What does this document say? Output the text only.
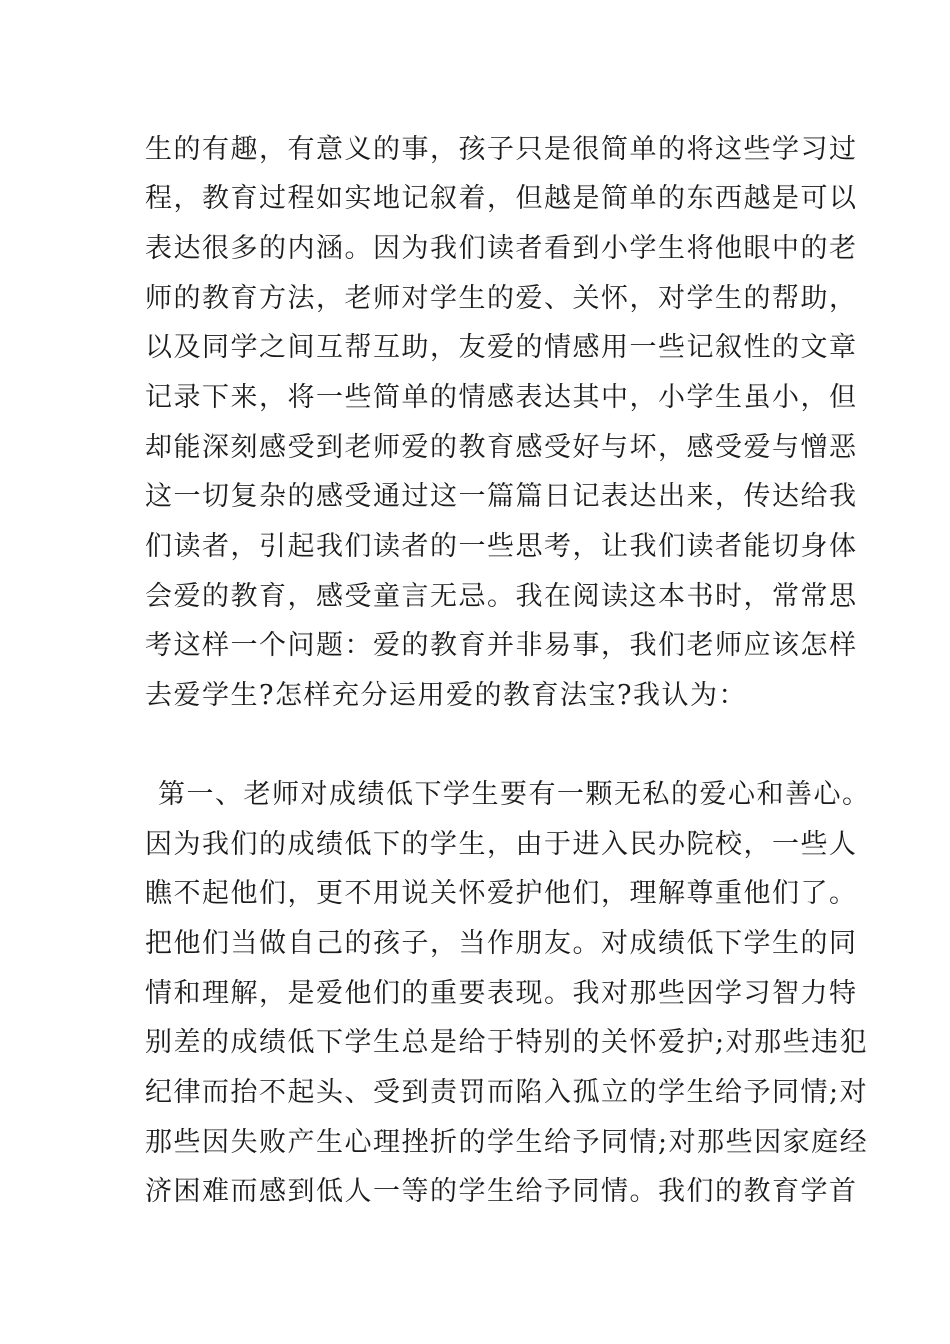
生的有趣，有意义的事，孩子只是很简单的将这些学习过

程，教育过程如实地记叙着，但越是简单的东西越是可以

表达很多的内涵。因为我们读者看到小学生将他眼中的老

师的教育方法，老师对学生的爱、关怀，对学生的帮助，

以及同学之间互帮互助，友爱的情感用一些记叙性的文章

记录下来，将一些简单的情感表达其中，小学生虽小，但

却能深刻感受到老师爱的教育感受好与坏，感受爱与憎恶

这一切复杂的感受通过这一篇篇日记表达出来，传达给我

们读者，引起我们读者的一些思考，让我们读者能切身体

会爱的教育，感受童言无忌。我在阅读这本书时，常常思

考这样一个问题：爱的教育并非易事，我们老师应该怎样

去爱学生?怎样充分运用爱的教育法宝?我认为：

第一、老师对成绩低下学生要有一颗无私的爱心和善心。

因为我们的成绩低下的学生，由于进入民办院校，一些人

瞧不起他们，更不用说关怀爱护他们，理解尊重他们了。

把他们当做自己的孩子，当作朋友。对成绩低下学生的同

情和理解，是爱他们的重要表现。我对那些因学习智力特

别差的成绩低下学生总是给于特别的关怀爱护;对那些违犯

纪律而抬不起头、受到责罚而陷入孤立的学生给予同情;对

那些因失败产生心理挫折的学生给予同情;对那些因家庭经

济困难而感到低人一等的学生给予同情。我们的教育学首
